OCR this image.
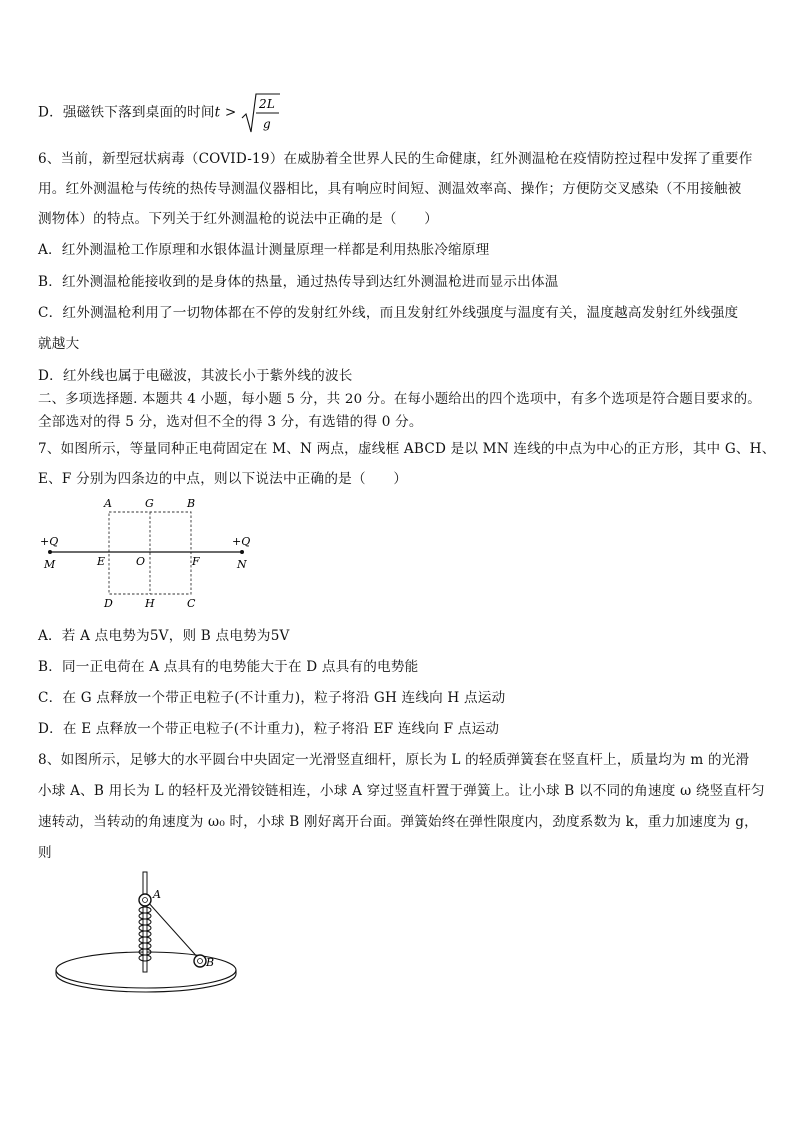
D．强磁铁下落到桌面的时间t >
2L
g
6、当前，新型冠状病毒（COVID-19）在威胁着全世界人民的生命健康，红外测温枪在疫情防控过程中发挥了重要作
用。红外测温枪与传统的热传导测温仪器相比，具有响应时间短、测温效率高、操作；方便防交叉感染（不用接触被
测物体）的特点。下列关于红外测温枪的说法中正确的是（　　）
A．红外测温枪工作原理和水银体温计测量原理一样都是利用热胀冷缩原理
B．红外测温枪能接收到的是身体的热量，通过热传导到达红外测温枪进而显示出体温
C．红外测温枪利用了一切物体都在不停的发射红外线，而且发射红外线强度与温度有关，温度越高发射红外线强度
就越大
D．红外线也属于电磁波，其波长小于紫外线的波长
二、多项选择题. 本题共 4 小题，每小题 5 分，共 20 分。在每小题给出的四个选项中，有多个选项是符合题目要求的。
全部选对的得 5 分，选对但不全的得 3 分，有选错的得 0 分。
7、如图所示，等量同种正电荷固定在 M、N 两点，虚线框 ABCD 是以 MN 连线的中点为中心的正方形，其中 G、H、
E、F 分别为四条边的中点，则以下说法中正确的是（　　）
+Q	+Q
M	N
E	O	F
A	G	B
D	H	C
A．若 A 点电势为5V，则 B 点电势为5V
B．同一正电荷在 A 点具有的电势能大于在 D 点具有的电势能
C．在 G 点释放一个带正电粒子(不计重力)，粒子将沿 GH 连线向 H 点运动
D．在 E 点释放一个带正电粒子(不计重力)，粒子将沿 EF 连线向 F 点运动
8、如图所示，足够大的水平圆台中央固定一光滑竖直细杆，原长为 L 的轻质弹簧套在竖直杆上，质量均为 m 的光滑
小球 A、B 用长为 L 的轻杆及光滑铰链相连，小球 A 穿过竖直杆置于弹簧上。让小球 B 以不同的角速度 ω 绕竖直杆匀
速转动，当转动的角速度为 ω₀ 时，小球 B 刚好离开台面。弹簧始终在弹性限度内，劲度系数为 k，重力加速度为 g，
则
A
B
